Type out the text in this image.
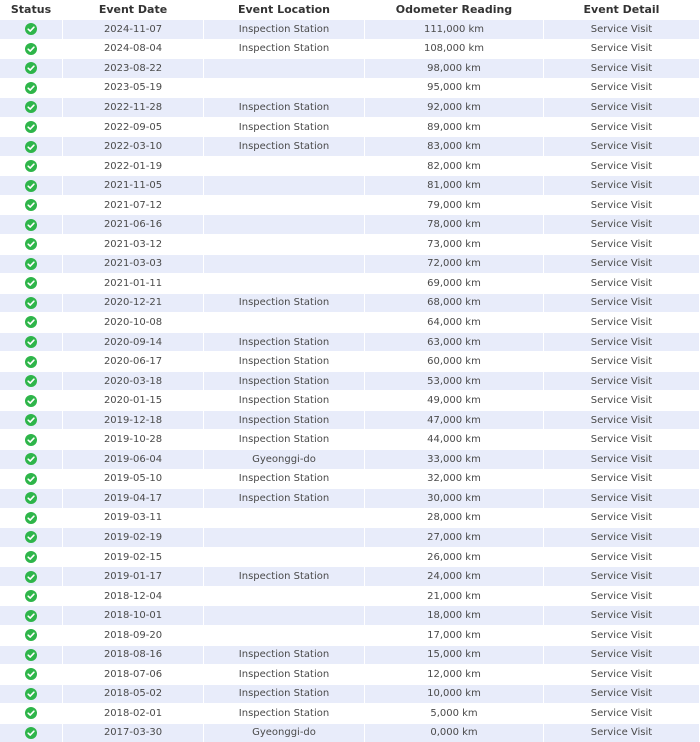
Status	Event Date	Event Location	Odometer Reading	Event Detail
	2024-11-07	Inspection Station	111,000 km	Service Visit
	2024-08-04	Inspection Station	108,000 km	Service Visit
	2023-08-22		98,000 km	Service Visit
	2023-05-19		95,000 km	Service Visit
	2022-11-28	Inspection Station	92,000 km	Service Visit
	2022-09-05	Inspection Station	89,000 km	Service Visit
	2022-03-10	Inspection Station	83,000 km	Service Visit
	2022-01-19		82,000 km	Service Visit
	2021-11-05		81,000 km	Service Visit
	2021-07-12		79,000 km	Service Visit
	2021-06-16		78,000 km	Service Visit
	2021-03-12		73,000 km	Service Visit
	2021-03-03		72,000 km	Service Visit
	2021-01-11		69,000 km	Service Visit
	2020-12-21	Inspection Station	68,000 km	Service Visit
	2020-10-08		64,000 km	Service Visit
	2020-09-14	Inspection Station	63,000 km	Service Visit
	2020-06-17	Inspection Station	60,000 km	Service Visit
	2020-03-18	Inspection Station	53,000 km	Service Visit
	2020-01-15	Inspection Station	49,000 km	Service Visit
	2019-12-18	Inspection Station	47,000 km	Service Visit
	2019-10-28	Inspection Station	44,000 km	Service Visit
	2019-06-04	Gyeonggi-do	33,000 km	Service Visit
	2019-05-10	Inspection Station	32,000 km	Service Visit
	2019-04-17	Inspection Station	30,000 km	Service Visit
	2019-03-11		28,000 km	Service Visit
	2019-02-19		27,000 km	Service Visit
	2019-02-15		26,000 km	Service Visit
	2019-01-17	Inspection Station	24,000 km	Service Visit
	2018-12-04		21,000 km	Service Visit
	2018-10-01		18,000 km	Service Visit
	2018-09-20		17,000 km	Service Visit
	2018-08-16	Inspection Station	15,000 km	Service Visit
	2018-07-06	Inspection Station	12,000 km	Service Visit
	2018-05-02	Inspection Station	10,000 km	Service Visit
	2018-02-01	Inspection Station	5,000 km	Service Visit
	2017-03-30	Gyeonggi-do	0,000 km	Service Visit
